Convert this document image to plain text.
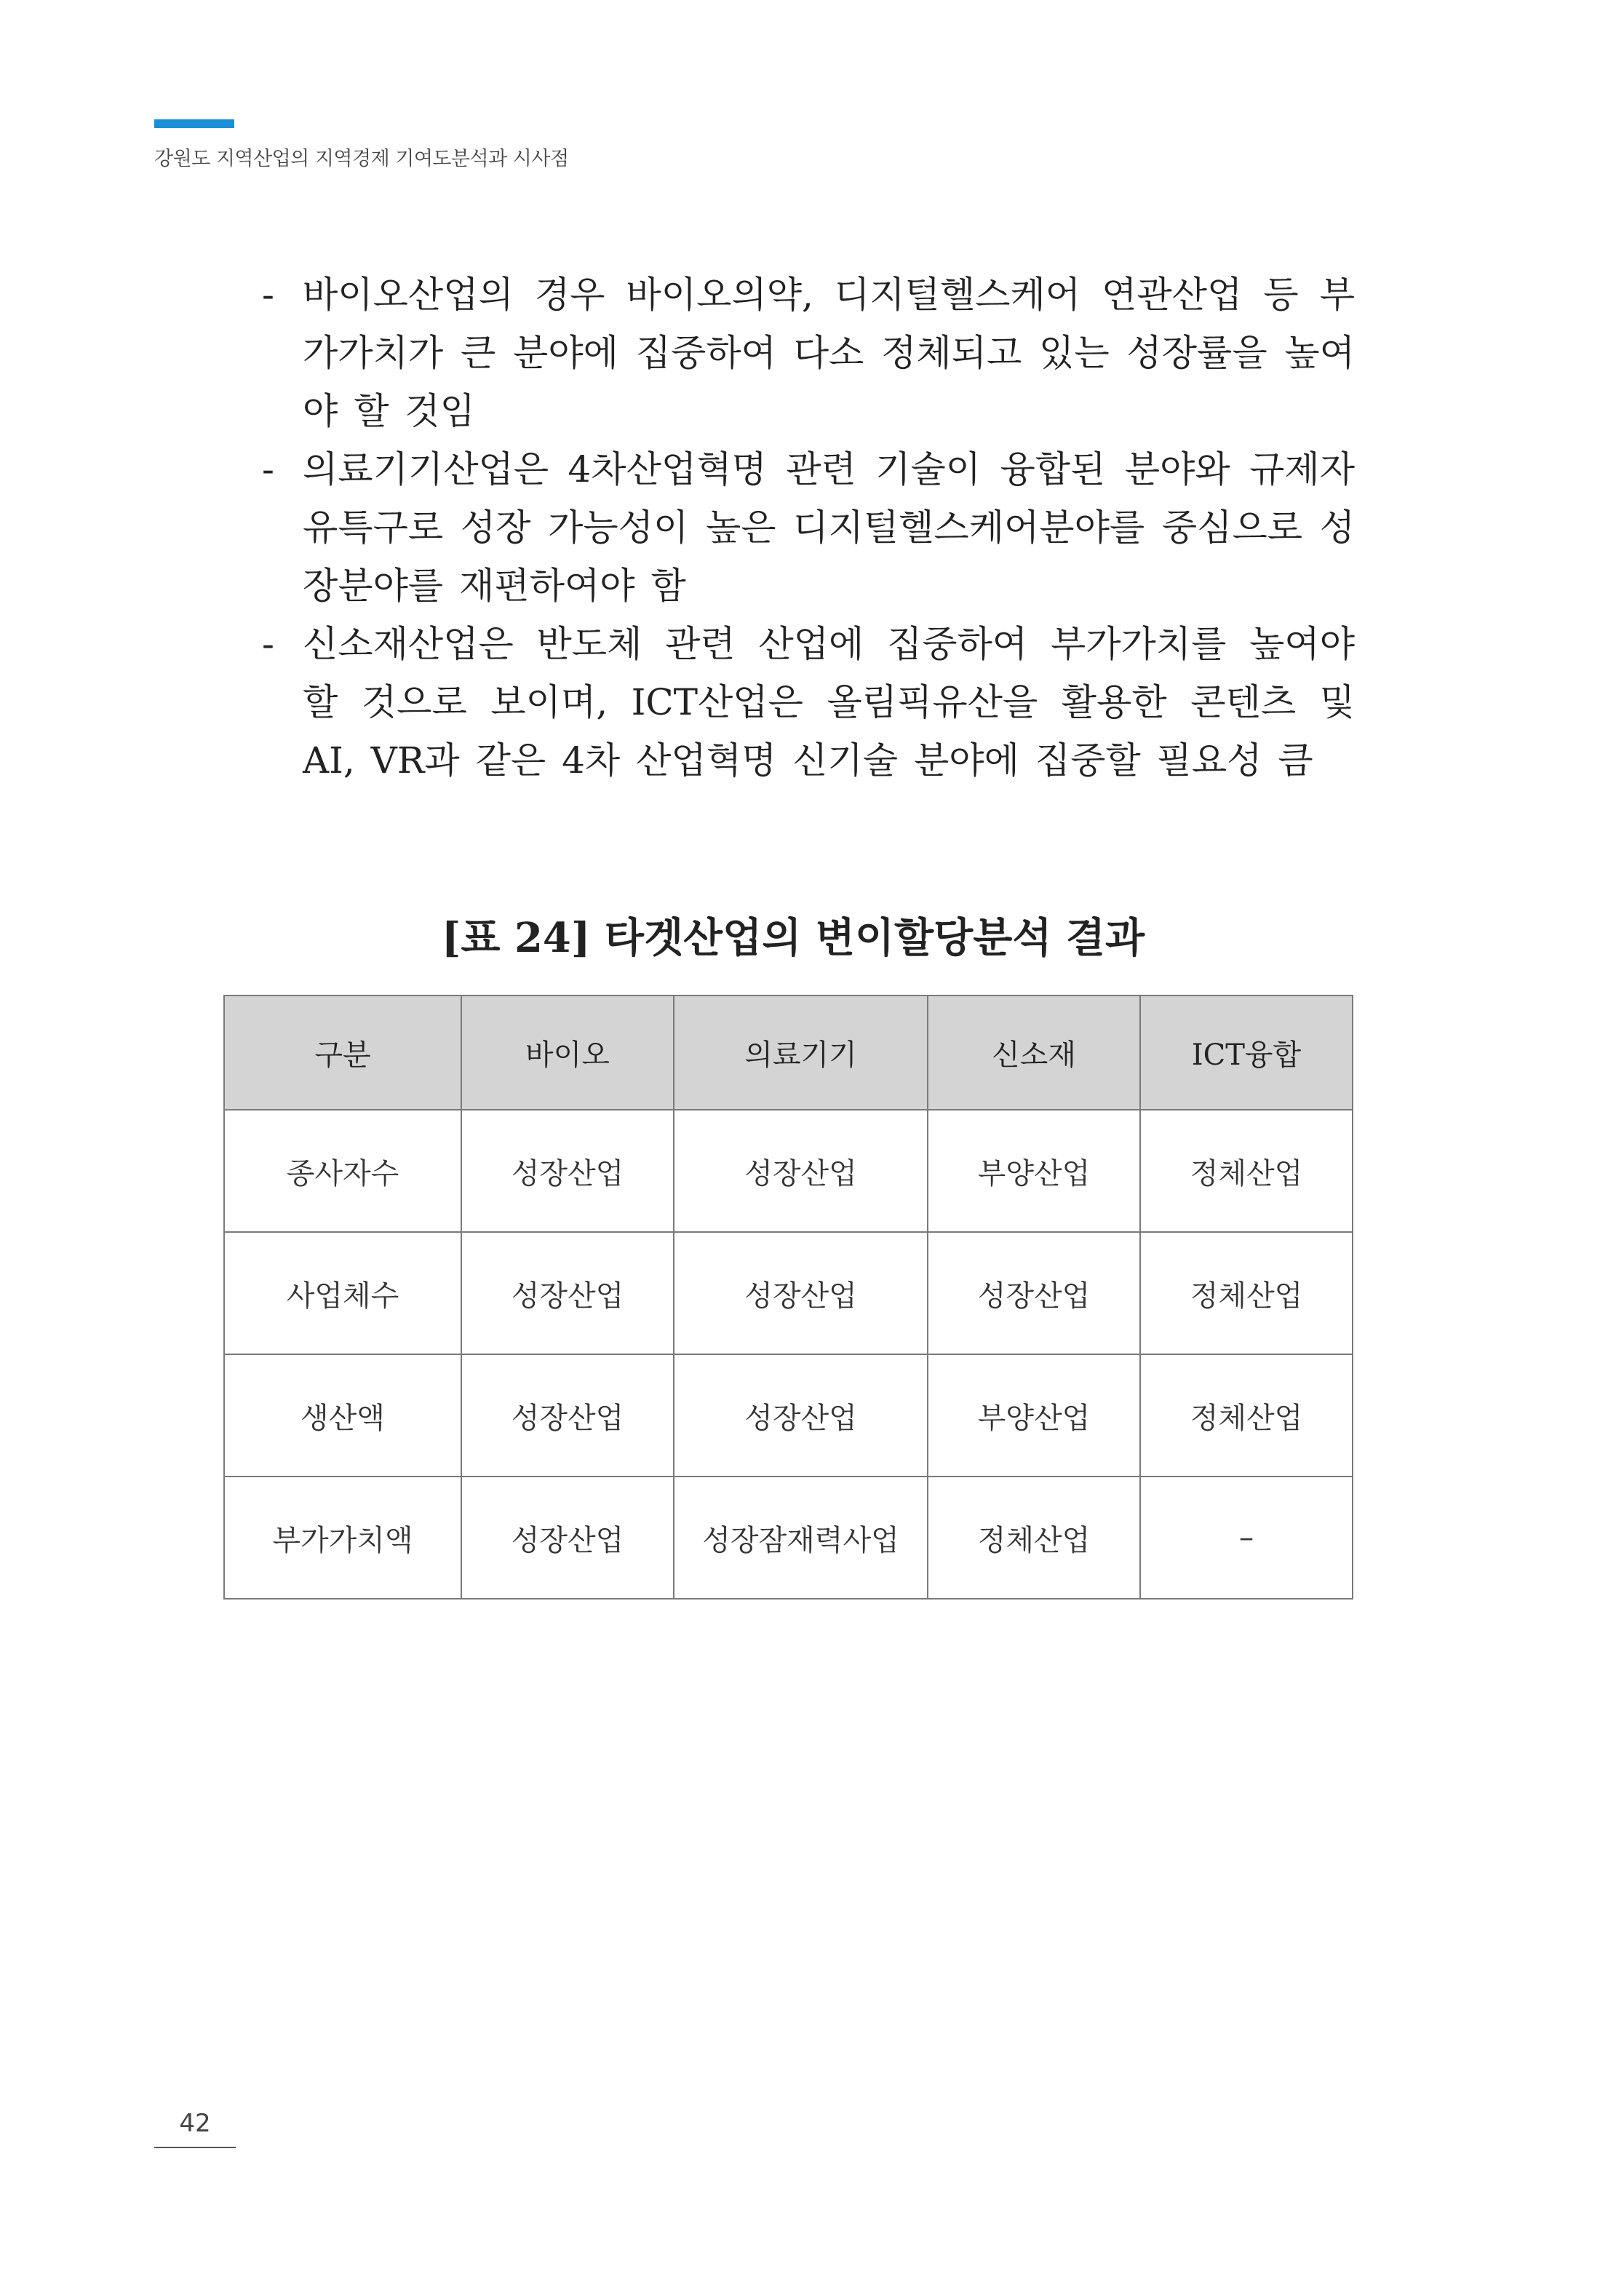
강원도 지역산업의 지역경제 기여도분석과 시사점

- 바이오산업의 경우 바이오의약, 디지털헬스케어 연관산업 등 부가가치가 큰 분야에 집중하여 다소 정체되고 있는 성장률을 높여야 할 것임

- 의료기기산업은 4차산업혁명 관련 기술이 융합된 분야와 규제자유특구로 성장 가능성이 높은 디지털헬스케어분야를 중심으로 성장분야를 재편하여야 함

- 신소재산업은 반도체 관련 산업에 집중하여 부가가치를 높여야 할 것으로 보이며, ICT산업은 올림픽유산을 활용한 콘텐츠 및 AI, VR과 같은 4차 산업혁명 신기술 분야에 집중할 필요성 큼

[표 24] 타겟산업의 변이할당분석 결과
구분	바이오	의료기기	신소재	ICT융합
종사자수	성장산업	성장산업	부양산업	정체산업
사업체수	성장산업	성장산업	성장산업	정체산업
생산액	성장산업	성장산업	부양산업	정체산업
부가가치액	성장산업	성장잠재력사업	정체산업	–
42
